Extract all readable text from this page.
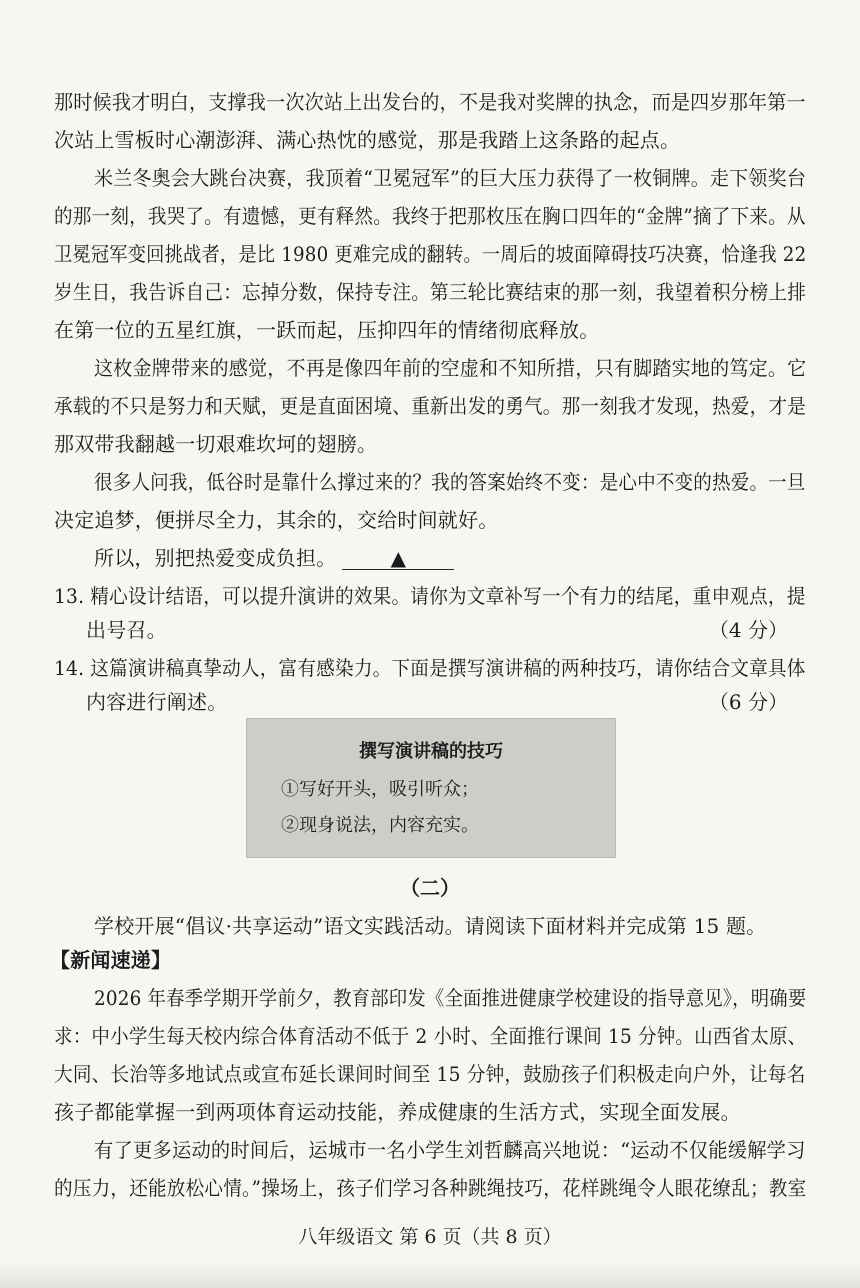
那时候我才明白，支撑我一次次站上出发台的，不是我对奖牌的执念，而是四岁那年第一
次站上雪板时心潮澎湃、满心热忱的感觉，那是我踏上这条路的起点。
米兰冬奥会大跳台决赛，我顶着“卫冕冠军”的巨大压力获得了一枚铜牌。走下领奖台
的那一刻，我哭了。有遗憾，更有释然。我终于把那枚压在胸口四年的“金牌”摘了下来。从
卫冕冠军变回挑战者，是比 1980 更难完成的翻转。一周后的坡面障碍技巧决赛，恰逢我 22
岁生日，我告诉自己：忘掉分数，保持专注。第三轮比赛结束的那一刻，我望着积分榜上排
在第一位的五星红旗，一跃而起，压抑四年的情绪彻底释放。
这枚金牌带来的感觉，不再是像四年前的空虚和不知所措，只有脚踏实地的笃定。它
承载的不只是努力和天赋，更是直面困境、重新出发的勇气。那一刻我才发现，热爱，才是
那双带我翻越一切艰难坎坷的翅膀。
很多人问我，低谷时是靠什么撑过来的？我的答案始终不变：是心中不变的热爱。一旦
决定追梦，便拼尽全力，其余的，交给时间就好。
所以，别把热爱变成负担。	▲
13. 精心设计结语，可以提升演讲的效果。请你为文章补写一个有力的结尾，重申观点，提
出号召。	（4 分）
14. 这篇演讲稿真挚动人，富有感染力。下面是撰写演讲稿的两种技巧，请你结合文章具体
内容进行阐述。	（6 分）
撰写演讲稿的技巧
①写好开头，吸引听众；
②现身说法，内容充实。
（二）
学校开展“倡议·共享运动”语文实践活动。请阅读下面材料并完成第 15 题。
【新闻速递】
2026 年春季学期开学前夕，教育部印发《全面推进健康学校建设的指导意见》，明确要
求：中小学生每天校内综合体育活动不低于 2 小时、全面推行课间 15 分钟。山西省太原、
大同、长治等多地试点或宣布延长课间时间至 15 分钟，鼓励孩子们积极走向户外，让每名
孩子都能掌握一到两项体育运动技能，养成健康的生活方式，实现全面发展。
有了更多运动的时间后，运城市一名小学生刘哲麟高兴地说：“运动不仅能缓解学习
的压力，还能放松心情。”操场上，孩子们学习各种跳绳技巧，花样跳绳令人眼花缭乱；教室
八年级语文 第 6 页（共 8 页）
